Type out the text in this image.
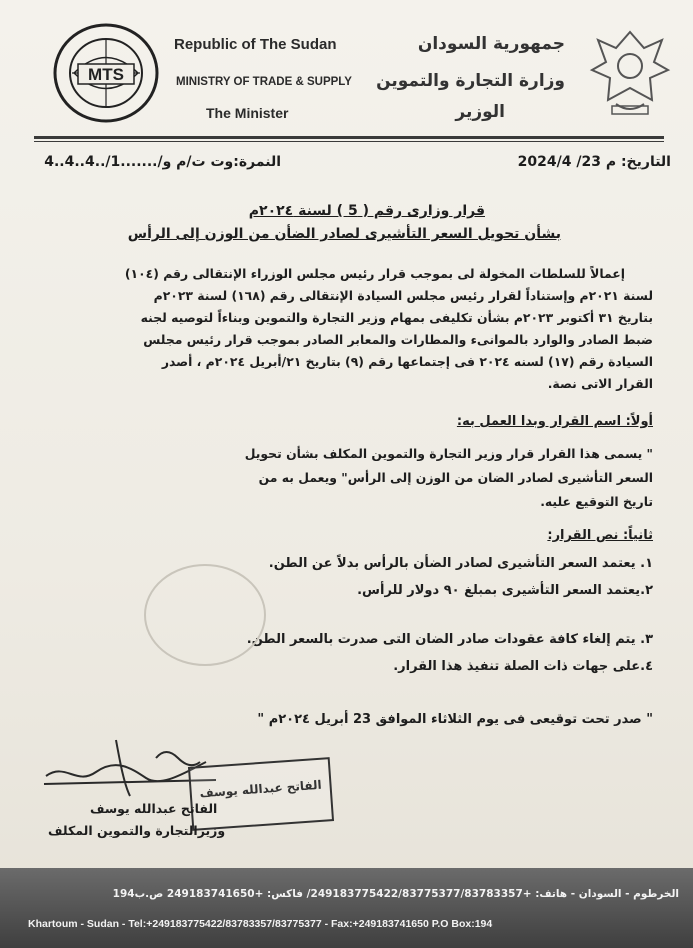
MTS
Republic of The Sudan
MINISTRY OF TRADE & SUPPLY
The Minister
جمهورية السودان
وزارة التجارة والتموين
الوزير
التاريخ: 2024/4 /23 م
النمرة:وت ت/م و/.......1/..4..4..4
قرار وزارى رقم ( 5 ) لسنة ٢٠٢٤م
بشأن تحويل السعر التأشيرى لصادر الضأن من الوزن إلى الرأس
إعمالاً للسلطات المخولة لى بموجب قرار رئيس مجلس الوزراء الإنتقالى رقم (١٠٤)
لسنة ٢٠٢١م وإستناداً لقرار رئيس مجلس السيادة الإنتقالى رقم (١٦٨) لسنة ٢٠٢٣م
بتاريخ ٣١ أكتوبر ٢٠٢٣م بشأن تكليفى بمهام وزير التجارة والتموين وبناءاً لتوصيه لجنه
ضبط الصادر والوارد بالموانىء والمطارات والمعابر الصادر بموجب قرار رئيس مجلس
السيادة رقم (١٧) لسنه ٢٠٢٤ فى إجتماعها رقم (٩) بتاريخ ٢١/أبريل ٢٠٢٤م ، أصدر
القرار الاتى نصة.
أولاً: اسم القرار وبدا العمل به:
" يسمى هذا القرار قرار وزير التجارة والتموين المكلف بشأن تحويل
السعر التأشيرى لصادر الضان من الوزن إلى الرأس" ويعمل به من
تاريخ التوقيع عليه.
ثانياً: نص القرار:
١. يعتمد السعر التأشيرى لصادر الضأن بالرأس بدلاً عن الطن.
٢.يعتمد السعر التأشيرى بمبلغ ٩٠ دولار للرأس.
٣. يتم إلغاء كافة عقودات صادر الضان التى صدرت بالسعر الطن.
٤.على جهات ذات الصلة تنفيذ هذا القرار.
" صدر تحت توقيعى فى يوم الثلاثاء الموافق 23 أبريل ٢٠٢٤م "
الفاتح عبدالله يوسف
الفاتح عبدالله يوسف
وزيرالتجارة والتموين المكلف
الخرطوم - السودان - هاتف: +249183775422/83775377/83783357/ فاكس: +249183741650 ص.ب194
Khartoum - Sudan - Tel:+249183775422/83783357/83775377 - Fax:+249183741650 P.O Box:194
